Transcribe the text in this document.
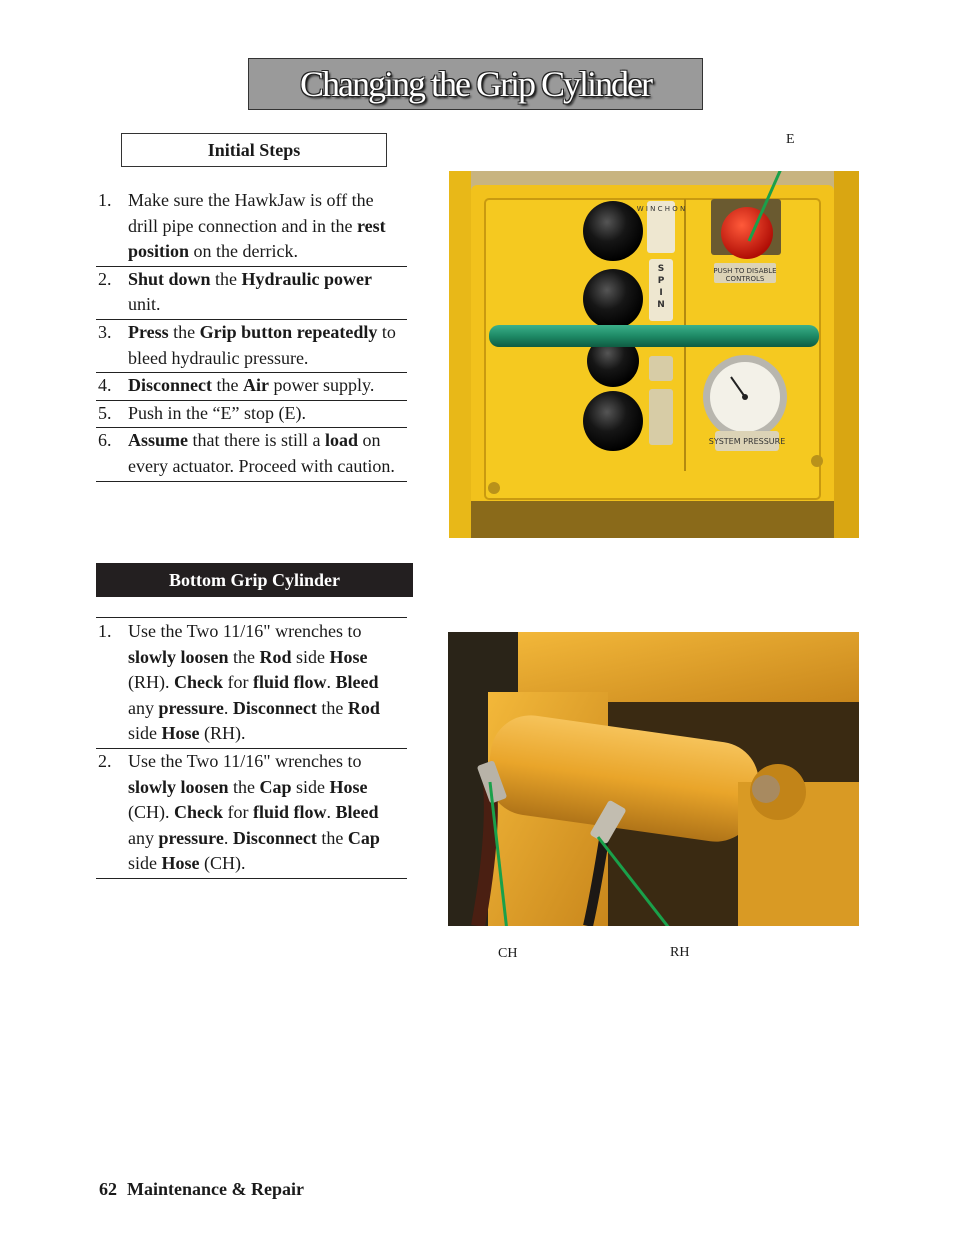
Changing the Grip Cylinder
Initial Steps
1. Make sure the HawkJaw is off the drill pipe connection and in the rest position on the derrick.
2. Shut down the Hydraulic power unit.
3. Press the Grip button repeatedly to bleed hydraulic pressure.
4. Disconnect the Air power supply.
5. Push in the “E” stop (E).
6. Assume that there is still a load on every actuator. Proceed with caution.
Bottom Grip Cylinder
1. Use the Two 11/16" wrenches to slowly loosen the Rod side Hose (RH). Check for fluid flow. Bleed any pressure. Disconnect the Rod side Hose (RH).
2. Use the Two 11/16" wrenches to slowly loosen the Cap side Hose (CH). Check for fluid flow. Bleed any pressure. Disconnect the Cap side Hose (CH).
E
W I N C H O N
S
P
I
N
PUSH TO DISABLE
CONTROLS
SYSTEM PRESSURE
CH	RH
62 Maintenance & Repair
